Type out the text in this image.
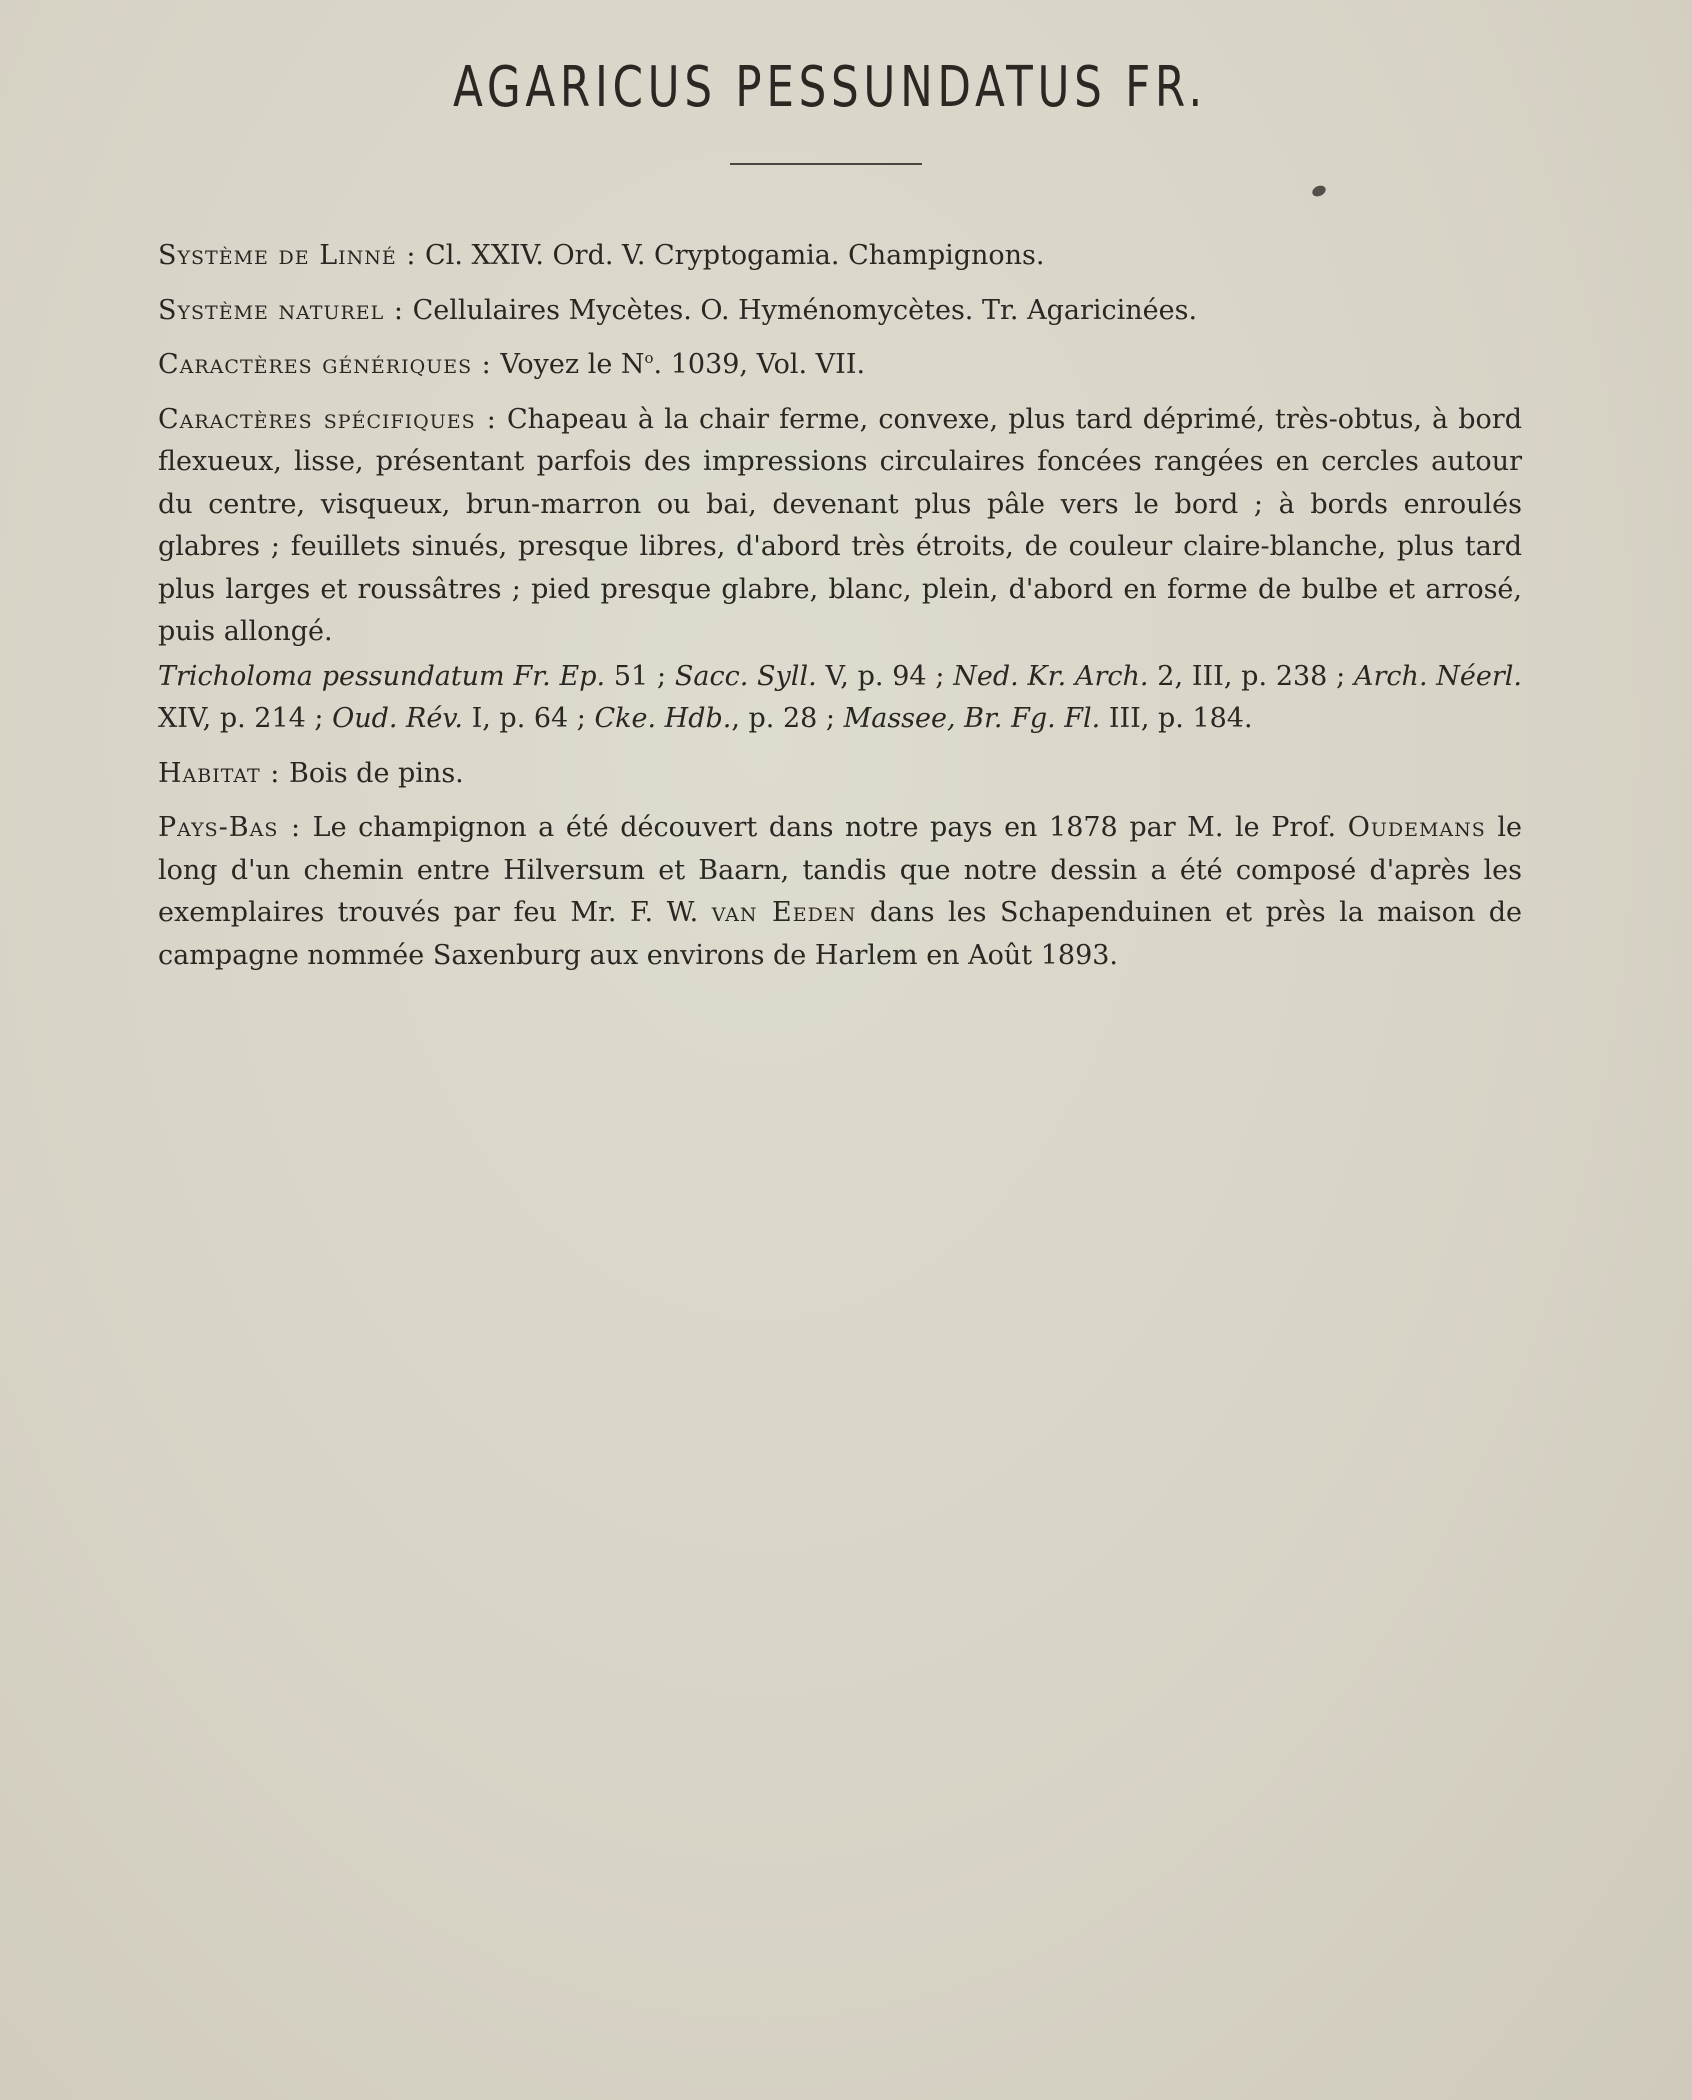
AGARICUS PESSUNDATUS FR.

Système de Linné : Cl. XXIV. Ord. V. Cryptogamia. Champignons.

Système naturel : Cellulaires Mycètes. O. Hyménomycètes. Tr. Agaricinées.

Caractères génériques : Voyez le $N^o$. 1039, Vol. VII.

Caractères spécifiques : Chapeau à la chair ferme, convexe, plus tard déprimé, très-obtus, à bord flexueux, lisse, présentant parfois des impressions circulaires foncées rangées en cercles autour du centre, visqueux, brun-marron ou bai, devenant plus pâle vers le bord ; à bords enroulés glabres ; feuillets sinués, presque libres, d'abord très étroits, de couleur claire-blanche, plus tard plus larges et roussâtres ; pied presque glabre, blanc, plein, d'abord en forme de bulbe et arrosé, puis allongé.

Tricholoma pessundatum Fr. Ep. 51 ; Sacc. Syll. V, p. 94 ; Ned. Kr. Arch. 2, III, p. 238 ; Arch. Néerl. XIV, p. 214 ; Oud. Rév. I, p. 64 ; Cke. Hdb., p. 28 ; Massee, Br. Fg. Fl. III, p. 184.

Habitat : Bois de pins.

Pays-Bas : Le champignon a été découvert dans notre pays en 1878 par M. le Prof. Oudemans le long d'un chemin entre Hilversum et Baarn, tandis que notre dessin a été composé d'après les exemplaires trouvés par feu Mr. F. W. van Eeden dans les Schapenduinen et près la maison de campagne nommée Saxenburg aux environs de Harlem en Août 1893.
